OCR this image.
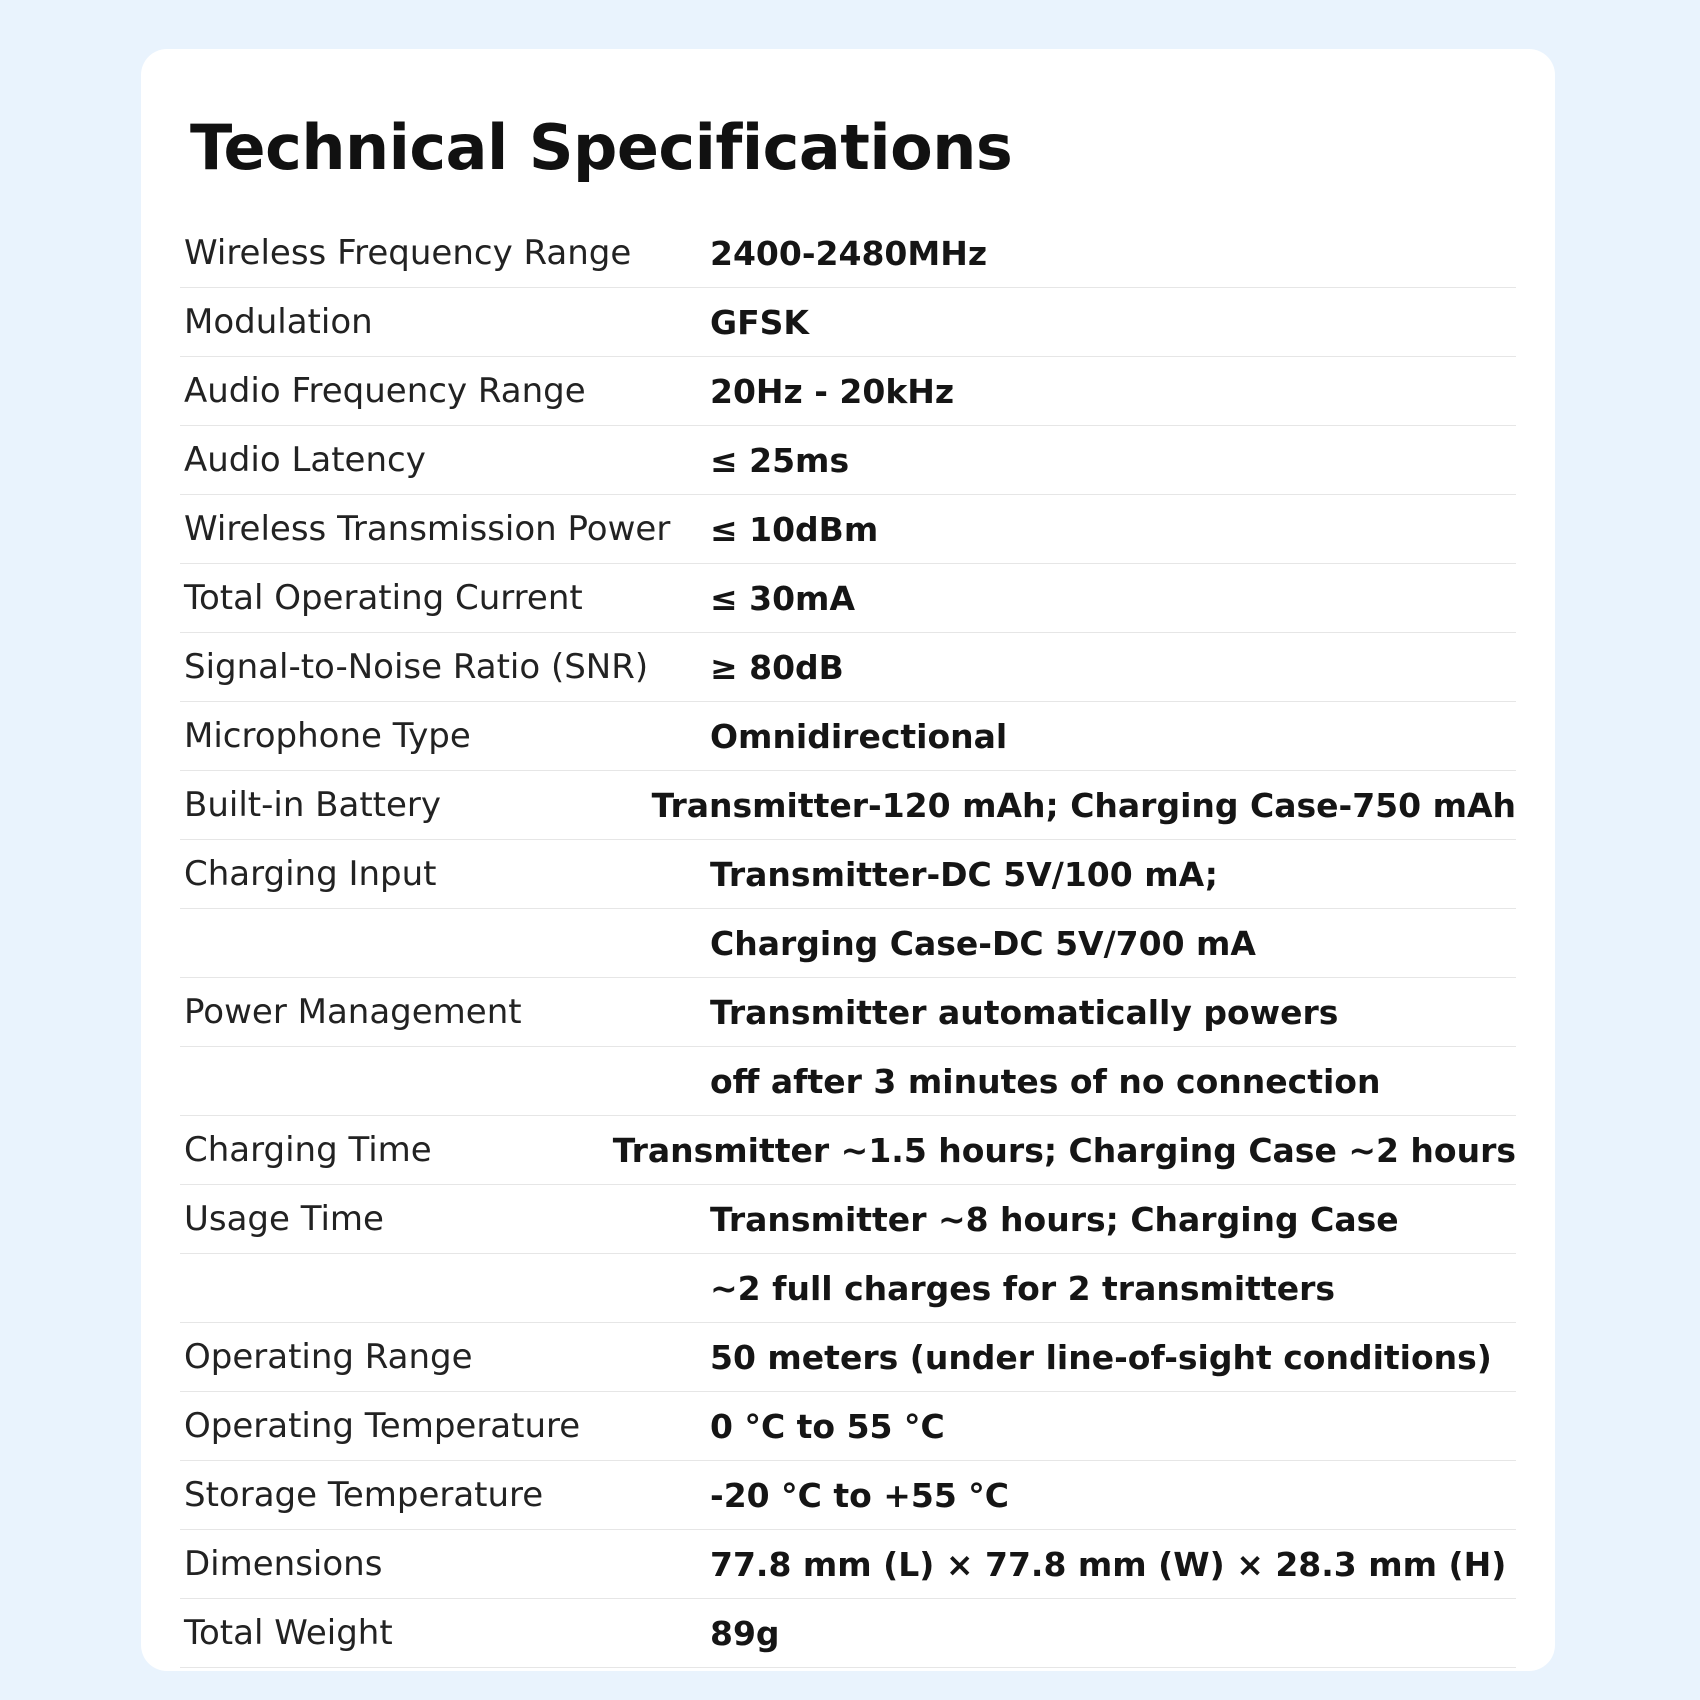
Technical Specifications
Wireless Frequency Range	2400-2480MHz
Modulation	GFSK
Audio Frequency Range	20Hz - 20kHz
Audio Latency	≤ 25ms
Wireless Transmission Power	≤ 10dBm
Total Operating Current	≤ 30mA
Signal-to-Noise Ratio (SNR)	≥ 80dB
Microphone Type	Omnidirectional
Built-in Battery	Transmitter-120 mAh; Charging Case-750 mAh
Charging Input	Transmitter-DC 5V/100 mA;
Charging Case-DC 5V/700 mA
Power Management	Transmitter automatically powers
off after 3 minutes of no connection
Charging Time	Transmitter ~1.5 hours; Charging Case ~2 hours
Usage Time	Transmitter ~8 hours; Charging Case
~2 full charges for 2 transmitters
Operating Range	50 meters (under line-of-sight conditions)
Operating Temperature	0 °C to 55 °C
Storage Temperature	-20 °C to +55 °C
Dimensions	77.8 mm (L) × 77.8 mm (W) × 28.3 mm (H)
Total Weight	89g
